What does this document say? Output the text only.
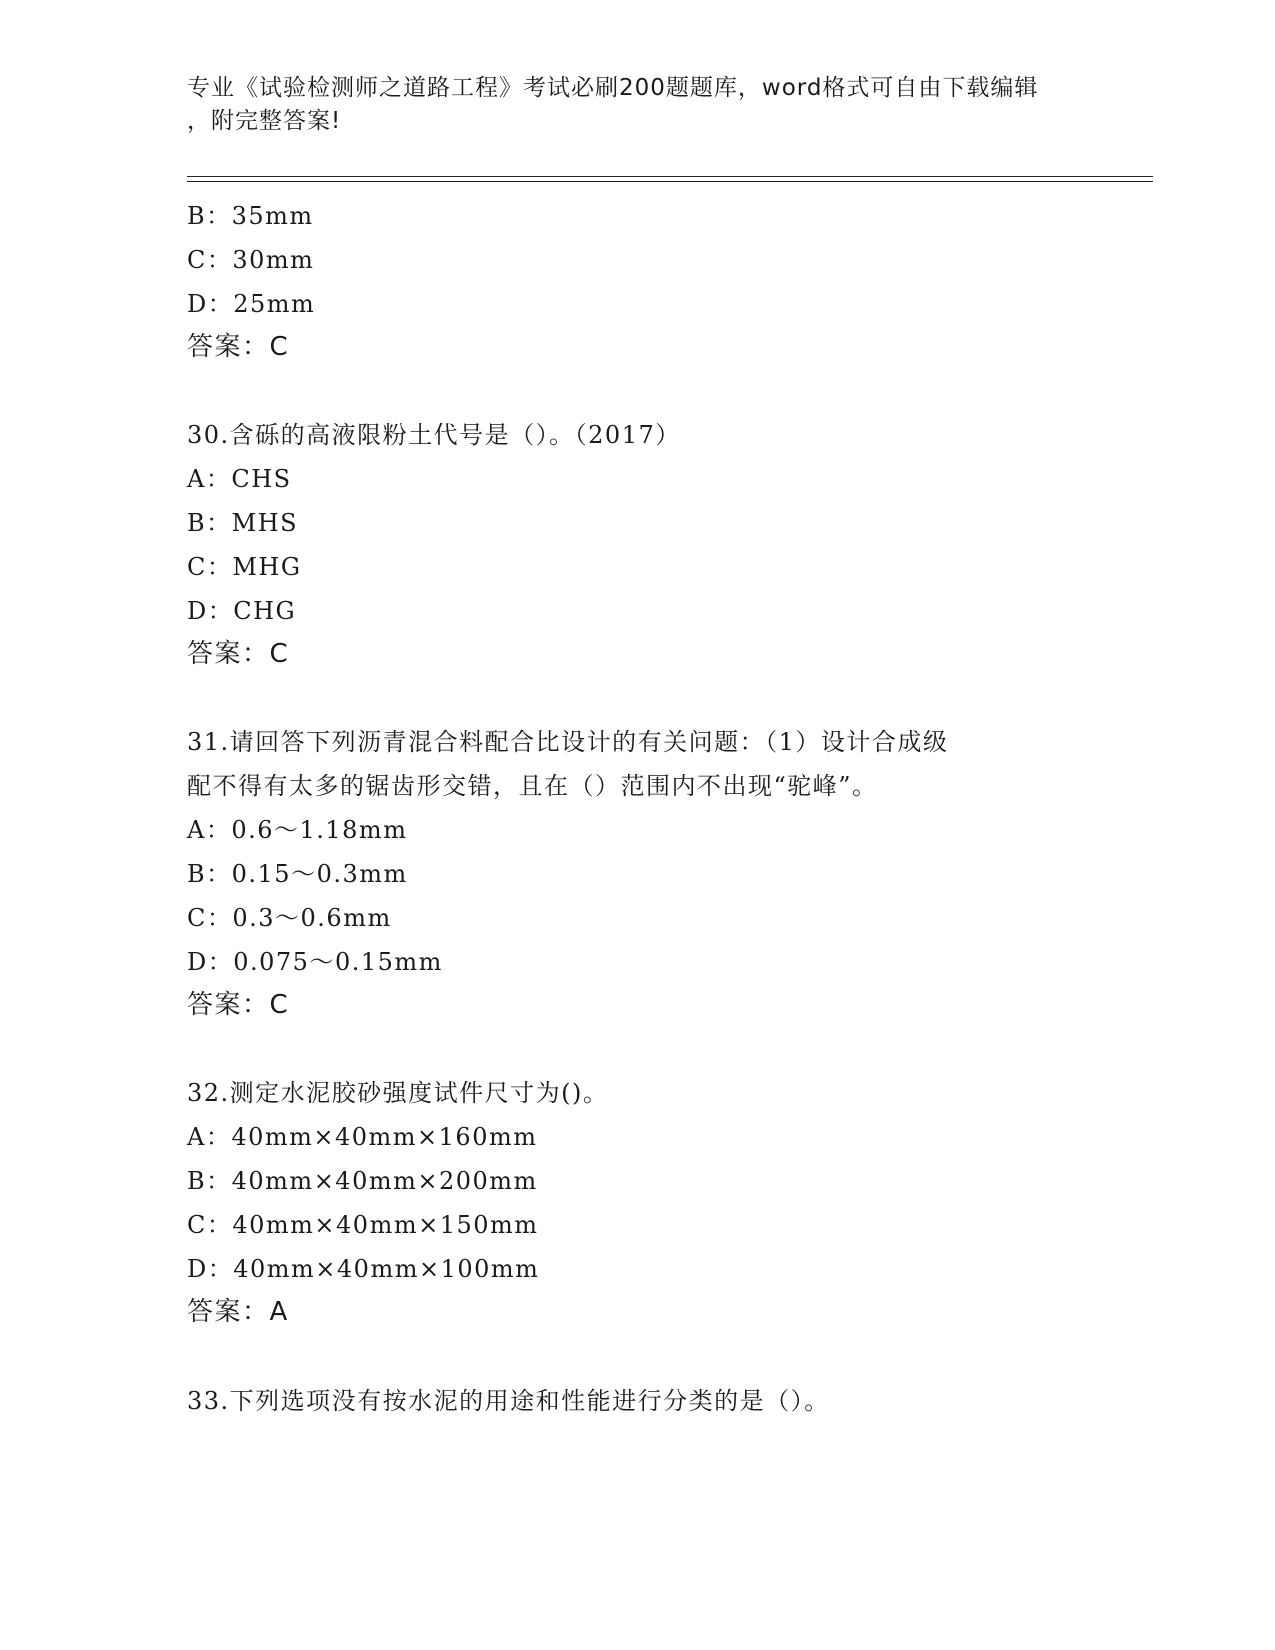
专业《试验检测师之道路工程》考试必刷200题题库，word格式可自由下载编辑
，附完整答案!
B：35mm
C：30mm
D：25mm
答案：C
30.含砾的高液限粉土代号是（）。（2017）
A：CHS
B：MHS
C：MHG
D：CHG
答案：C
31.请回答下列沥青混合料配合比设计的有关问题：（1）设计合成级
配不得有太多的锯齿形交错，且在（）范围内不出现“驼峰”。
A：0.6～1.18mm
B：0.15～0.3mm
C：0.3～0.6mm
D：0.075～0.15mm
答案：C
32.测定水泥胶砂强度试件尺寸为()。
A：40mm×40mm×160mm
B：40mm×40mm×200mm
C：40mm×40mm×150mm
D：40mm×40mm×100mm
答案：A
33.下列选项没有按水泥的用途和性能进行分类的是（）。
